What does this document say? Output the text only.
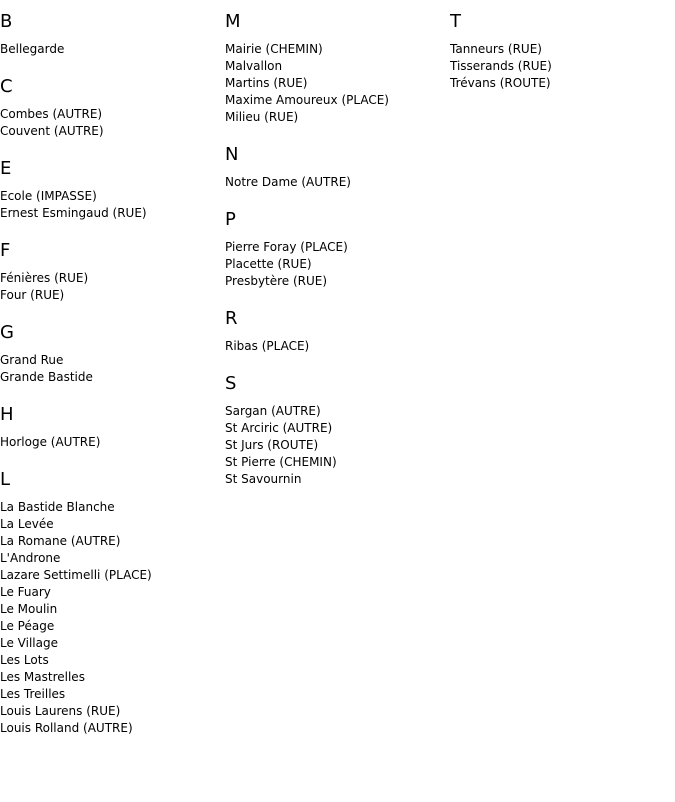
B
Bellegarde
C
Combes (AUTRE)
Couvent (AUTRE)
E
Ecole (IMPASSE)
Ernest Esmingaud (RUE)
F
Fénières (RUE)
Four (RUE)
G
Grand Rue
Grande Bastide
H
Horloge (AUTRE)
L
La Bastide Blanche
La Levée
La Romane (AUTRE)
L'Androne
Lazare Settimelli (PLACE)
Le Fuary
Le Moulin
Le Péage
Le Village
Les Lots
Les Mastrelles
Les Treilles
Louis Laurens (RUE)
Louis Rolland (AUTRE)
M
Mairie (CHEMIN)
Malvallon
Martins (RUE)
Maxime Amoureux (PLACE)
Milieu (RUE)
N
Notre Dame (AUTRE)
P
Pierre Foray (PLACE)
Placette (RUE)
Presbytère (RUE)
R
Ribas (PLACE)
S
Sargan (AUTRE)
St Arciric (AUTRE)
St Jurs (ROUTE)
St Pierre (CHEMIN)
St Savournin
T
Tanneurs (RUE)
Tisserands (RUE)
Trévans (ROUTE)
